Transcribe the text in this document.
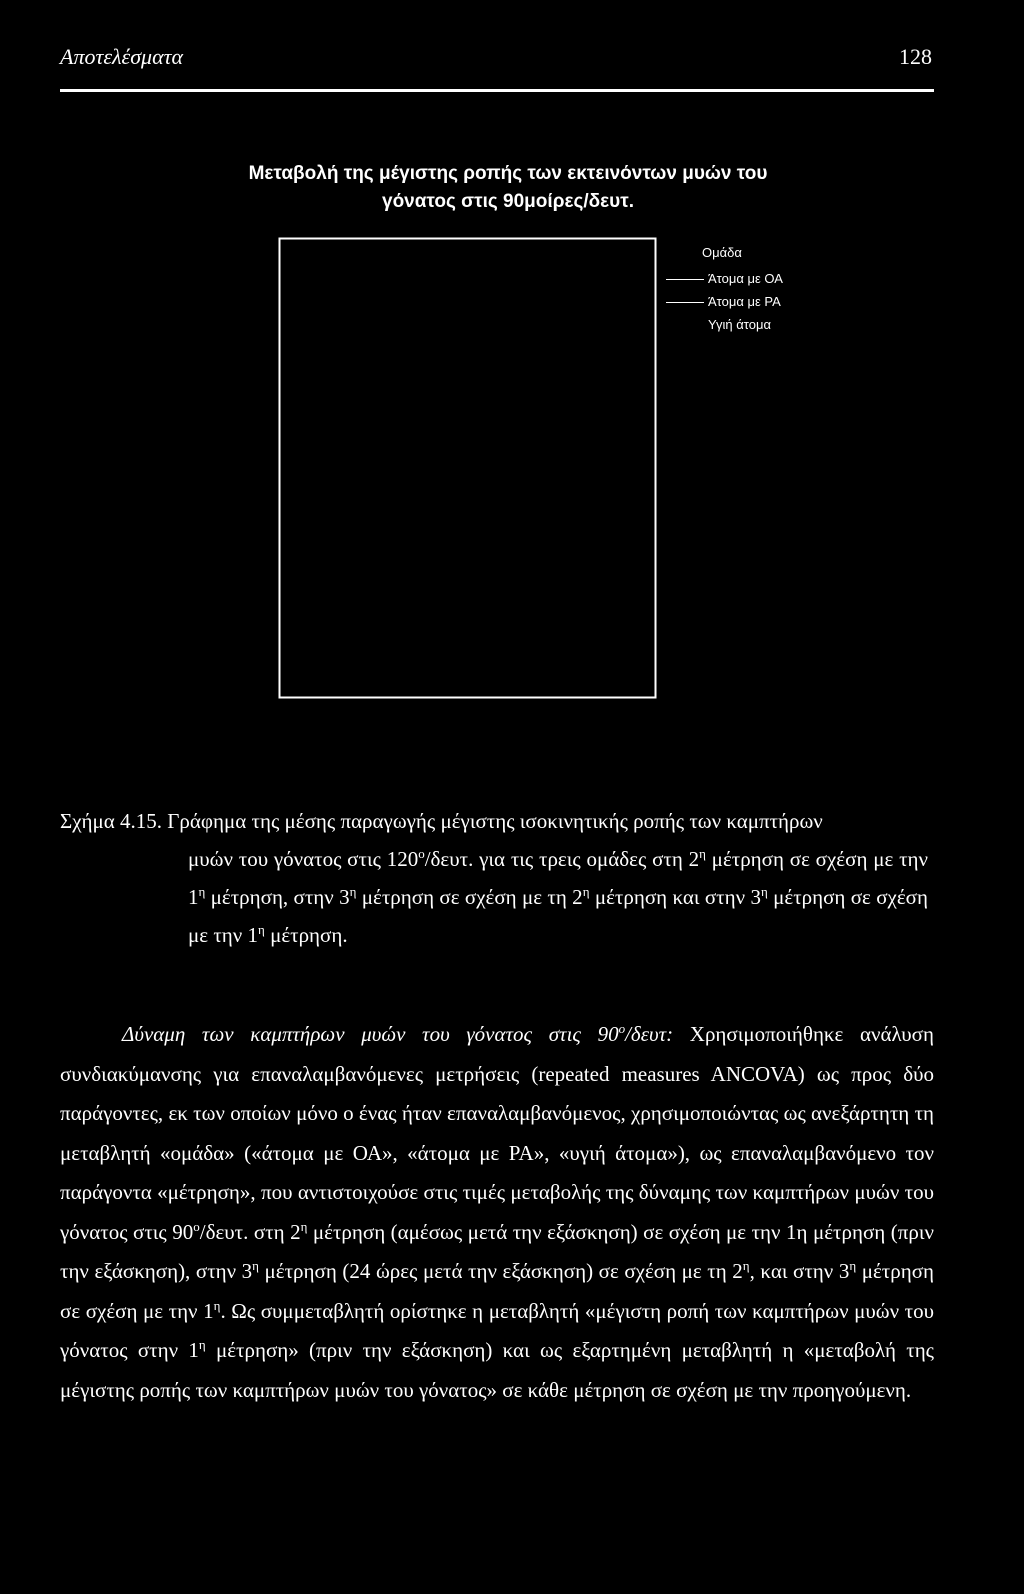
Αποτελέσματα	128
Μεταβολή της μέγιστης ροπής των εκτεινόντων μυών του
γόνατος στις 90μοίρες/δευτ.
Ομάδα
Άτομα με ΟΑ
Άτομα με ΡΑ
Υγιή άτομα

Σχήμα 4.15. Γράφημα της μέσης παραγωγής μέγιστης ισοκινητικής ροπής των καμπτήρων

μυών του γόνατος στις $120^o$/δευτ. για τις τρεις ομάδες στη $2^\eta$ μέτρηση σε σχέση με την $1^\eta$ μέτρηση, στην $3^\eta$ μέτρηση σε σχέση με τη $2^\eta$ μέτρηση και στην $3^\eta$ μέτρηση σε σχέση με την $1^\eta$ μέτρηση.

Δύναμη των καμπτήρων μυών του γόνατος στις $90^o$/δευτ: Χρησιμοποιήθηκε ανάλυση συνδιακύμανσης για επαναλαμβανόμενες μετρήσεις (repeated measures ANCOVA) ως προς δύο παράγοντες, εκ των οποίων μόνο ο ένας ήταν επαναλαμβανόμενος, χρησιμοποιώντας ως ανεξάρτητη τη μεταβλητή «ομάδα» («άτομα με ΟΑ», «άτομα με ΡΑ», «υγιή άτομα»), ως επαναλαμβανόμενο τον παράγοντα «μέτρηση», που αντιστοιχούσε στις τιμές μεταβολής της δύναμης των καμπτήρων μυών του γόνατος στις $90^o$/δευτ. στη $2^\eta$ μέτρηση (αμέσως μετά την εξάσκηση) σε σχέση με την 1η μέτρηση (πριν την εξάσκηση), στην $3^\eta$ μέτρηση (24 ώρες μετά την εξάσκηση) σε σχέση με τη $2^\eta$, και στην $3^\eta$ μέτρηση σε σχέση με την $1^\eta$. Ως συμμεταβλητή ορίστηκε η μεταβλητή «μέγιστη ροπή των καμπτήρων μυών του γόνατος στην $1^\eta$ μέτρηση» (πριν την εξάσκηση) και ως εξαρτημένη μεταβλητή η «μεταβολή της μέγιστης ροπής των καμπτήρων μυών του γόνατος» σε κάθε μέτρηση σε σχέση με την προηγούμενη.
